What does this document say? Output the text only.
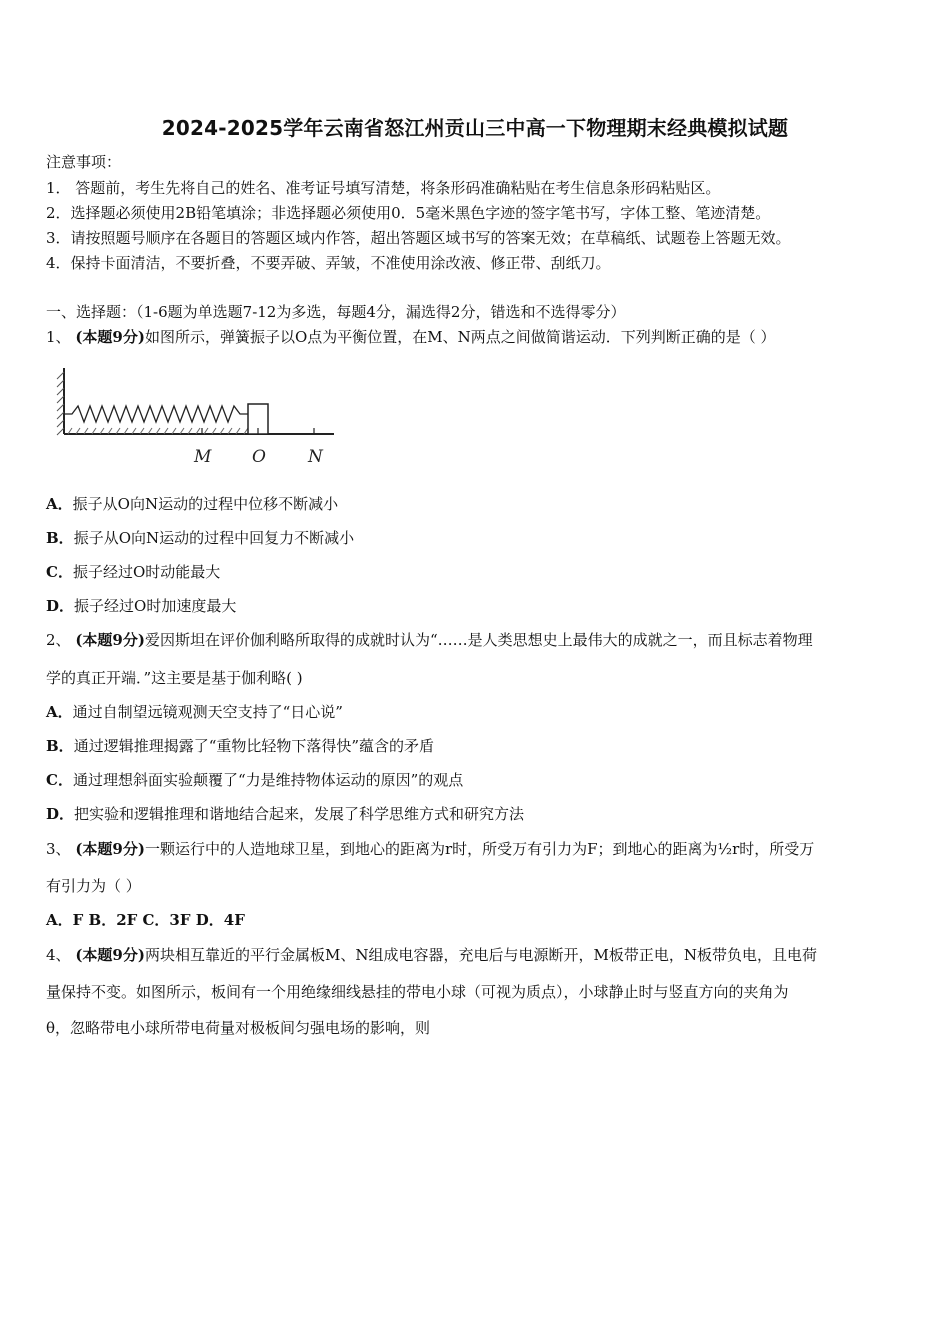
2024-2025学年云南省怒江州贡山三中高一下物理期末经典模拟试题
注意事项：
1． 答题前，考生先将自己的姓名、准考证号填写清楚，将条形码准确粘贴在考生信息条形码粘贴区。
2．选择题必须使用2B铅笔填涂；非选择题必须使用0．5毫米黑色字迹的签字笔书写，字体工整、笔迹清楚。
3．请按照题号顺序在各题目的答题区域内作答，超出答题区域书写的答案无效；在草稿纸、试题卷上答题无效。
4．保持卡面清洁，不要折叠，不要弄破、弄皱，不准使用涂改液、修正带、刮纸刀。
一、选择题：（1-6题为单选题7-12为多选，每题4分，漏选得2分，错选和不选得零分）
1、 (本题9分)如图所示，弹簧振子以O点为平衡位置，在M、N两点之间做简谐运动．下列判断正确的是（ ）
M O N
A．振子从O向N运动的过程中位移不断减小
B．振子从O向N运动的过程中回复力不断减小
C．振子经过O时动能最大
D．振子经过O时加速度最大
2、 (本题9分)爱因斯坦在评价伽利略所取得的成就时认为“……是人类思想史上最伟大的成就之一，而且标志着物理
学的真正开端．”这主要是基于伽利略( )
A．通过自制望远镜观测天空支持了“日心说”
B．通过逻辑推理揭露了“重物比轻物下落得快”蕴含的矛盾
C．通过理想斜面实验颠覆了“力是维持物体运动的原因”的观点
D．把实验和逻辑推理和谐地结合起来，发展了科学思维方式和研究方法
3、 (本题9分)一颗运行中的人造地球卫星，到地心的距离为r时，所受万有引力为F；到地心的距离为½r时，所受万
有引力为（ ）
A．F B．2F C．3F D．4F
4、 (本题9分)两块相互靠近的平行金属板M、N组成电容器，充电后与电源断开，M板带正电，N板带负电，且电荷
量保持不变。如图所示，板间有一个用绝缘细线悬挂的带电小球（可视为质点），小球静止时与竖直方向的夹角为
θ，忽略带电小球所带电荷量对极板间匀强电场的影响，则
